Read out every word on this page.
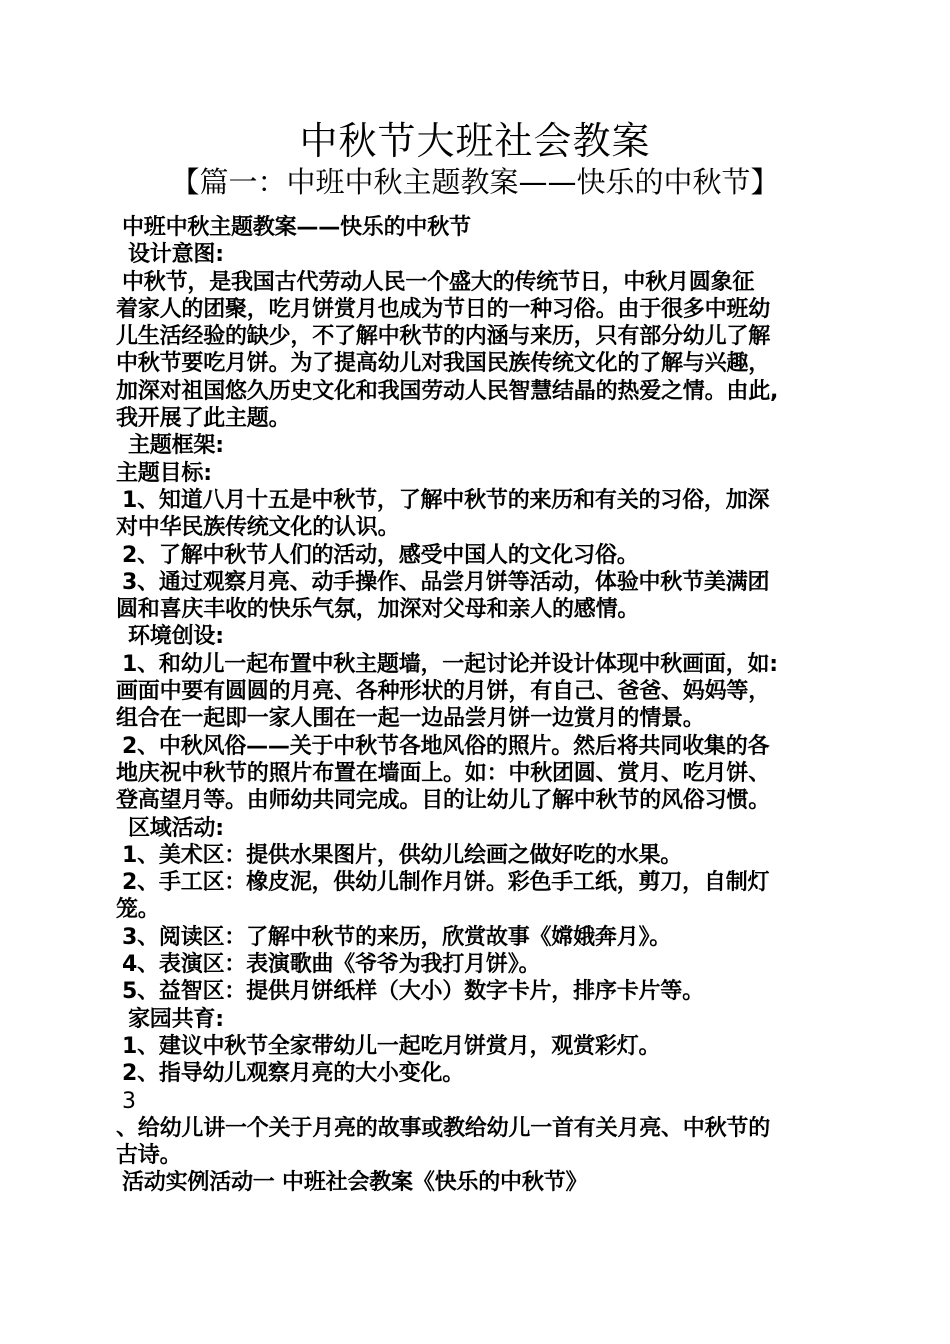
中秋节大班社会教案
【篇一：中班中秋主题教案——快乐的中秋节】
中班中秋主题教案——快乐的中秋节
设计意图:
中秋节，是我国古代劳动人民一个盛大的传统节日，中秋月圆象征
着家人的团聚，吃月饼赏月也成为节日的一种习俗。由于很多中班幼
儿生活经验的缺少，不了解中秋节的内涵与来历，只有部分幼儿了解
中秋节要吃月饼。为了提高幼儿对我国民族传统文化的了解与兴趣，
加深对祖国悠久历史文化和我国劳动人民智慧结晶的热爱之情。由此,
我开展了此主题。
主题框架:
主题目标:
1、知道八月十五是中秋节，了解中秋节的来历和有关的习俗，加深
对中华民族传统文化的认识。
2、了解中秋节人们的活动，感受中国人的文化习俗。
3、通过观察月亮、动手操作、品尝月饼等活动，体验中秋节美满团
圆和喜庆丰收的快乐气氛，加深对父母和亲人的感情。
环境创设:
1、和幼儿一起布置中秋主题墙，一起讨论并设计体现中秋画面，如:
画面中要有圆圆的月亮、各种形状的月饼，有自己、爸爸、妈妈等，
组合在一起即一家人围在一起一边品尝月饼一边赏月的情景。
2、中秋风俗——关于中秋节各地风俗的照片。然后将共同收集的各
地庆祝中秋节的照片布置在墙面上。如：中秋团圆、赏月、吃月饼、
登高望月等。由师幼共同完成。目的让幼儿了解中秋节的风俗习惯。
区域活动:
1、美术区：提供水果图片，供幼儿绘画之做好吃的水果。
2、手工区：橡皮泥，供幼儿制作月饼。彩色手工纸，剪刀，自制灯
笼。
3、阅读区：了解中秋节的来历，欣赏故事《嫦娥奔月》。
4、表演区：表演歌曲《爷爷为我打月饼》。
5、益智区：提供月饼纸样（大小）数字卡片，排序卡片等。
家园共育:
1、建议中秋节全家带幼儿一起吃月饼赏月，观赏彩灯。
2、指导幼儿观察月亮的大小变化。
3
、给幼儿讲一个关于月亮的故事或教给幼儿一首有关月亮、中秋节的
古诗。
活动实例活动一 中班社会教案《快乐的中秋节》
